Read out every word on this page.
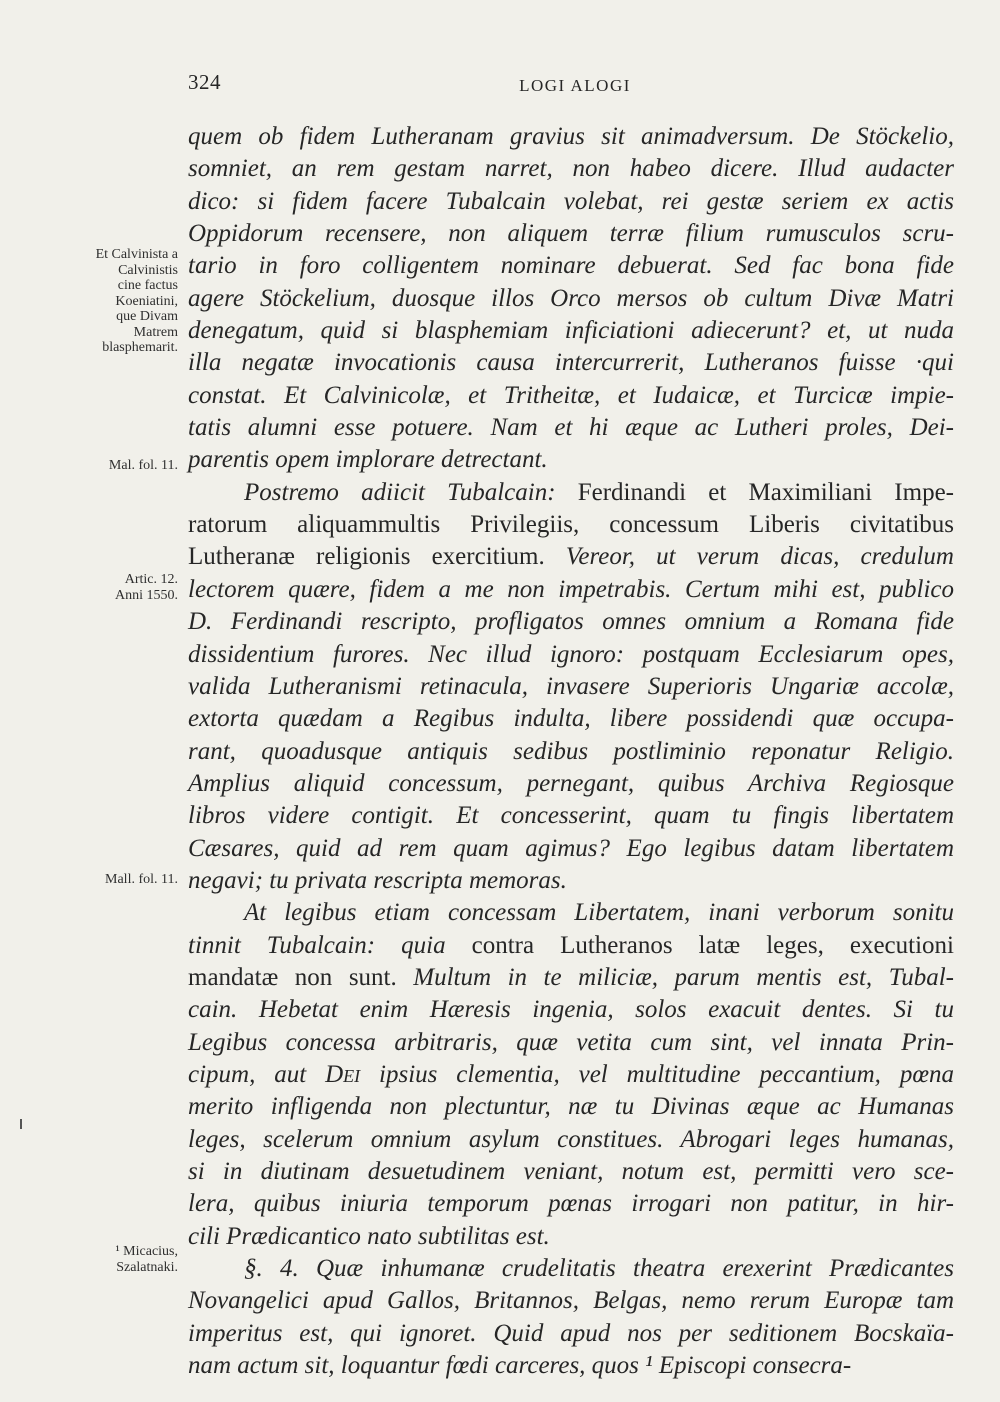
324	LOGI ALOGI
Et Calvinista a
Calvinistis
cine factus
Koeniatini,
que Divam
Matrem
blasphemarit.
Mal. fol. 11.
Artic. 12.
Anni 1550.
Mall. fol. 11.
¹ Micacius,
Szalatnaki.
quem ob fidem Lutheranam gravius sit animadversum. De Stöckelio,
somniet, an rem gestam narret, non habeo dicere. Illud audacter
dico: si fidem facere Tubalcain volebat, rei gestæ seriem ex actis
Oppidorum recensere, non aliquem terræ filium rumusculos scru-
tario in foro colligentem nominare debuerat. Sed fac bona fide
agere Stöckelium, duosque illos Orco mersos ob cultum Divæ Matri
denegatum, quid si blasphemiam inficiationi adiecerunt? et, ut nuda
illa negatæ invocationis causa intercurrerit, Lutheranos fuisse ·qui
constat. Et Calvinicolæ, et Tritheitæ, et Iudaicæ, et Turcicæ impie-
tatis alumni esse potuere. Nam et hi æque ac Lutheri proles, Dei-
parentis opem implorare detrectant.
Postremo adiicit Tubalcain: Ferdinandi et Maximiliani Impe-
ratorum aliquammultis Privilegiis, concessum Liberis civitatibus
Lutheranæ religionis exercitium. Vereor, ut verum dicas, credulum
lectorem quære, fidem a me non impetrabis. Certum mihi est, publico
D. Ferdinandi rescripto, profligatos omnes omnium a Romana fide
dissidentium furores. Nec illud ignoro: postquam Ecclesiarum opes,
valida Lutheranismi retinacula, invasere Superioris Ungariæ accolæ,
extorta quædam a Regibus indulta, libere possidendi quæ occupa-
rant, quoadusque antiquis sedibus postliminio reponatur Religio.
Amplius aliquid concessum, pernegant, quibus Archiva Regiosque
libros videre contigit. Et concesserint, quam tu fingis libertatem
Cæsares, quid ad rem quam agimus? Ego legibus datam libertatem
negavi; tu privata rescripta memoras.
At legibus etiam concessam Libertatem, inani verborum sonitu
tinnit Tubalcain: quia contra Lutheranos latæ leges, executioni
mandatæ non sunt. Multum in te miliciæ, parum mentis est, Tubal-
cain. Hebetat enim Hæresis ingenia, solos exacuit dentes. Si tu
Legibus concessa arbitraris, quæ vetita cum sint, vel innata Prin-
cipum, aut Dei ipsius clementia, vel multitudine peccantium, pœna
merito infligenda non plectuntur, næ tu Divinas æque ac Humanas
leges, scelerum omnium asylum constitues. Abrogari leges humanas,
si in diutinam desuetudinem veniant, notum est, permitti vero sce-
lera, quibus iniuria temporum pœnas irrogari non patitur, in hir-
cili Prædicantico nato subtilitas est.
§. 4. Quæ inhumanæ crudelitatis theatra erexerint Prædicantes
Novangelici apud Gallos, Britannos, Belgas, nemo rerum Europæ tam
imperitus est, qui ignoret. Quid apud nos per seditionem Bocskaïa-
nam actum sit, loquantur fœdi carceres, quos ¹ Episcopi consecra-
